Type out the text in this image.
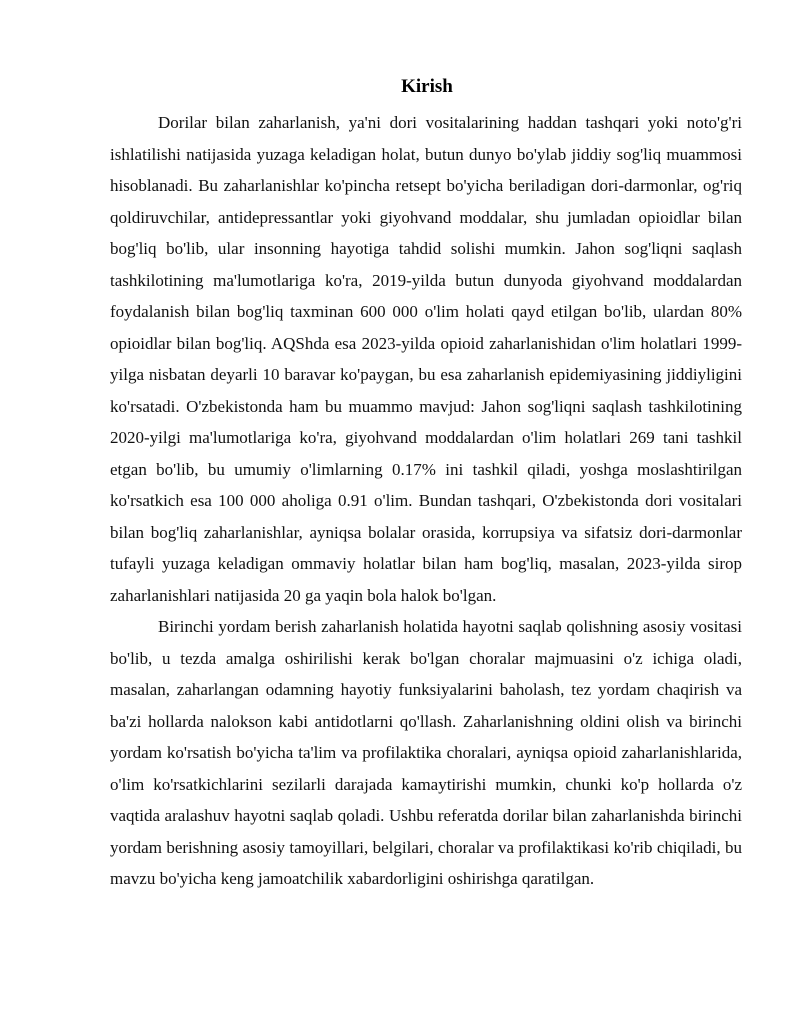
Kirish

Dorilar bilan zaharlanish, ya'ni dori vositalarining haddan tashqari yoki noto'g'ri ishlatilishi natijasida yuzaga keladigan holat, butun dunyo bo'ylab jiddiy sog'liq muammosi hisoblanadi. Bu zaharlanishlar ko'pincha retsept bo'yicha beriladigan dori-darmonlar, og'riq qoldiruvchilar, antidepressantlar yoki giyohvand moddalar, shu jumladan opioidlar bilan bog'liq bo'lib, ular insonning hayotiga tahdid solishi mumkin. Jahon sog'liqni saqlash tashkilotining ma'lumotlariga ko'ra, 2019-yilda butun dunyoda giyohvand moddalardan foydalanish bilan bog'liq taxminan 600 000 o'lim holati qayd etilgan bo'lib, ulardan 80% opioidlar bilan bog'liq. AQShda esa 2023-yilda opioid zaharlanishidan o'lim holatlari 1999-yilga nisbatan deyarli 10 baravar ko'paygan, bu esa zaharlanish epidemiyasining jiddiyligini ko'rsatadi. O'zbekistonda ham bu muammo mavjud: Jahon sog'liqni saqlash tashkilotining 2020-yilgi ma'lumotlariga ko'ra, giyohvand moddalardan o'lim holatlari 269 tani tashkil etgan bo'lib, bu umumiy o'limlarning 0.17% ini tashkil qiladi, yoshga moslashtirilgan ko'rsatkich esa 100 000 aholiga 0.91 o'lim. Bundan tashqari, O'zbekistonda dori vositalari bilan bog'liq zaharlanishlar, ayniqsa bolalar orasida, korrupsiya va sifatsiz dori-darmonlar tufayli yuzaga keladigan ommaviy holatlar bilan ham bog'liq, masalan, 2023-yilda sirop zaharlanishlari natijasida 20 ga yaqin bola halok bo'lgan.

Birinchi yordam berish zaharlanish holatida hayotni saqlab qolishning asosiy vositasi bo'lib, u tezda amalga oshirilishi kerak bo'lgan choralar majmuasini o'z ichiga oladi, masalan, zaharlangan odamning hayotiy funksiyalarini baholash, tez yordam chaqirish va ba'zi hollarda nalokson kabi antidotlarni qo'llash. Zaharlanishning oldini olish va birinchi yordam ko'rsatish bo'yicha ta'lim va profilaktika choralari, ayniqsa opioid zaharlanishlarida, o'lim ko'rsatkichlarini sezilarli darajada kamaytirishi mumkin, chunki ko'p hollarda o'z vaqtida aralashuv hayotni saqlab qoladi. Ushbu referatda dorilar bilan zaharlanishda birinchi yordam berishning asosiy tamoyillari, belgilari, choralar va profilaktikasi ko'rib chiqiladi, bu mavzu bo'yicha keng jamoatchilik xabardorligini oshirishga qaratilgan.
